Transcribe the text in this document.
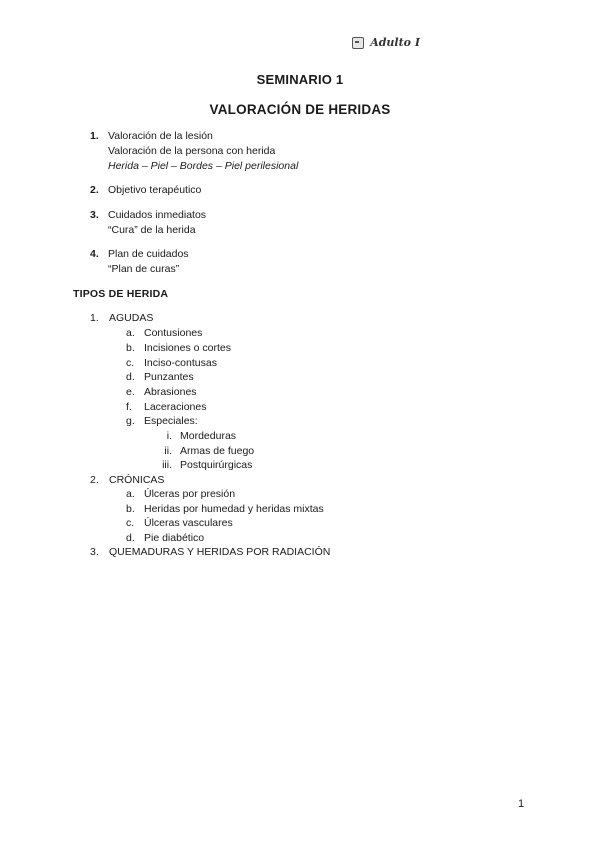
Adulto I
SEMINARIO 1
VALORACIÓN DE HERIDAS
1. Valoración de la lesión
Valoración de la persona con herida
Herida – Piel – Bordes – Piel perilesional
2. Objetivo terapéutico
3. Cuidados inmediatos
“Cura” de la herida
4. Plan de cuidados
“Plan de curas”
TIPOS DE HERIDA
1. AGUDAS
a. Contusiones
b. Incisiones o cortes
c. Inciso-contusas
d. Punzantes
e. Abrasiones
f.	Laceraciones
g. Especiales:
i. Mordeduras
ii. Armas de fuego
iii. Postquirúrgicas
2. CRÓNICAS
a. Úlceras por presión
b. Heridas por humedad y heridas mixtas
c. Úlceras vasculares
d. Pie diabético
3. QUEMADURAS Y HERIDAS POR RADIACIÓN
1
